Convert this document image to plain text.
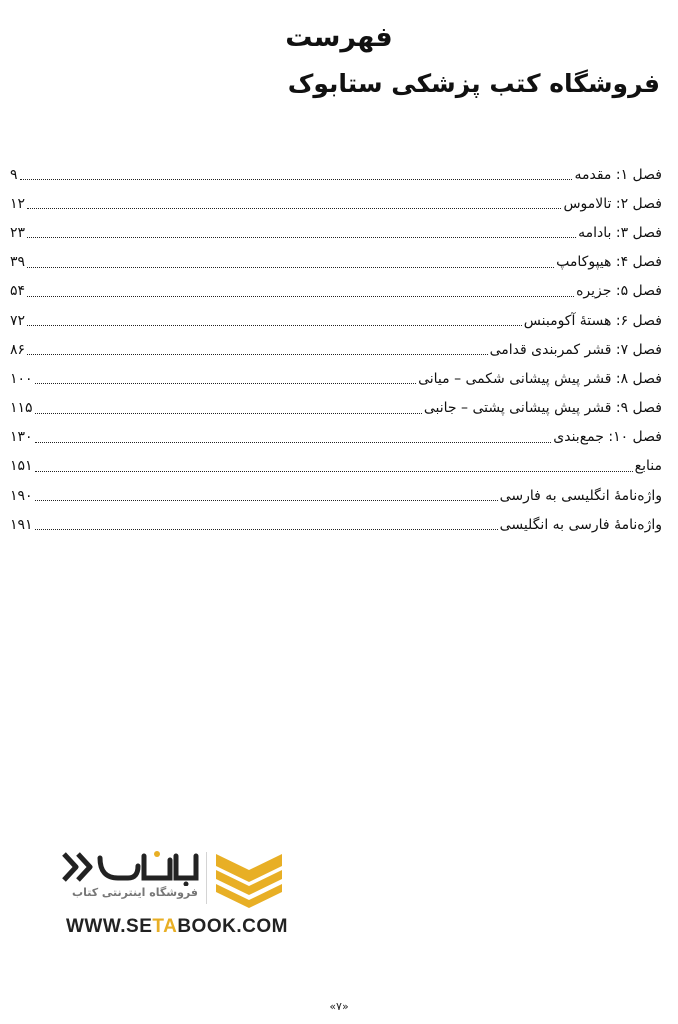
فهرست
فروشگاه کتب پزشکی ستابوک
فصل ۱: مقدمه
۹
فصل ۲: تالاموس
۱۲
فصل ۳: بادامه
۲۳
فصل ۴: هیپوکامپ
۳۹
فصل ۵: جزیره
۵۴
فصل ۶: هستهٔ آکومبنس
۷۲
فصل ۷: قشر کمربندی قدامی
۸۶
فصل ۸: قشر پیش پیشانی شکمی – میانی
۱۰۰
فصل ۹: قشر پیش پیشانی پشتی – جانبی
۱۱۵
فصل ۱۰: جمع‌بندی
۱۳۰
منابع
۱۵۱
واژه‌نامهٔ انگلیسی به فارسی
۱۹۰
واژه‌نامهٔ فارسی به انگلیسی
۱۹۱
فروشگاه اینترنتی کتاب
WWW.SETABOOK.COM
«۷»
